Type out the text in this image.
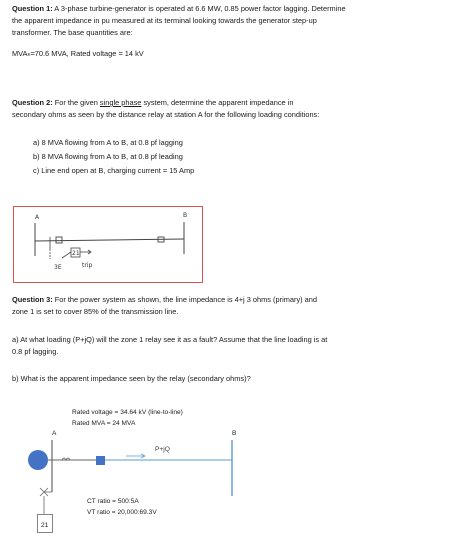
Question 1: A 3-phase turbine-generator is operated at 6.6 MW, 0.85 power factor lagging. Determine
the apparent impedance in pu measured at its terminal looking towards the generator step-up
transformer. The base quantities are:
MVAₕ=70.6 MVA, Rated voltage = 14 kV
Question 2: For the given single phase system, determine the apparent impedance in
secondary ohms as seen by the distance relay at station A for the following loading conditions:
a) 8 MVA flowing from A to B, at 0.8 pf lagging
b) 8 MVA flowing from A to B, at 0.8 pf leading
c) Line end open at B, charging current = 15 Amp
A
21
trip
3E
B
Question 3: For the power system as shown, the line impedance is 4+j 3 ohms (primary) and
zone 1 is set to cover 85% of the transmission line.
a) At what loading (P+jQ) will the zone 1 relay see it as a fault? Assume that the line loading is at
0.8 pf lagging.
b) What is the apparent impedance seen by the relay (secondary ohms)?
Rated voltage = 34.64 kV (line-to-line)
Rated MVA = 24 MVA
A	B
P+jQ
21
CT ratio = 500:5A
VT ratio = 20,000:69.3V
